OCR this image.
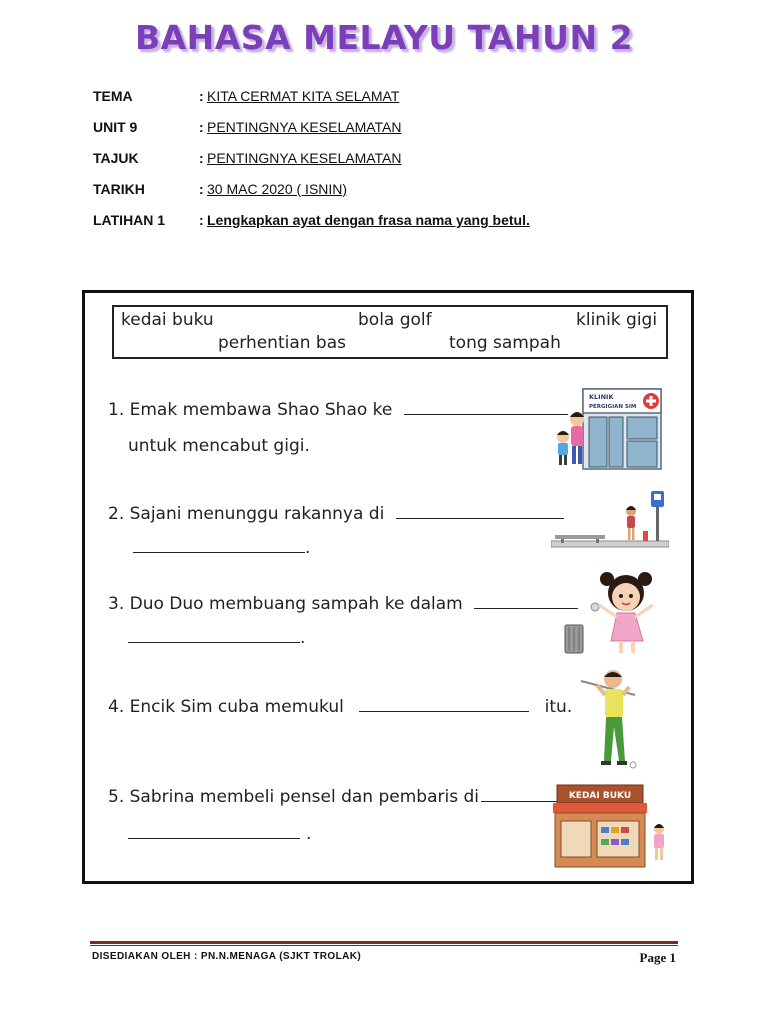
BAHASA MELAYU TAHUN 2
TEMA	: KITA CERMAT KITA SELAMAT
UNIT 9	: PENTINGNYA KESELAMATAN
TAJUK	: PENTINGNYA KESELAMATAN
TARIKH	: 30 MAC 2020 ( ISNIN)
LATIHAN 1	: Lengkapkan ayat dengan frasa nama yang betul.
kedai buku	bola golf	klinik gigi
perhentian bas	tong sampah
1. Emak membawa Shao Shao ke
untuk mencabut gigi.
2. Sajani menunggu rakannya di
.
3. Duo Duo membuang sampah ke dalam
.
4. Encik Sim cuba memukul	itu.
5. Sabrina membeli pensel dan pembaris di
.
KLINIK
PERGIGIAN SIM
KEDAI BUKU
DISEDIAKAN OLEH : PN.N.MENAGA (SJKT TROLAK)	Page 1
